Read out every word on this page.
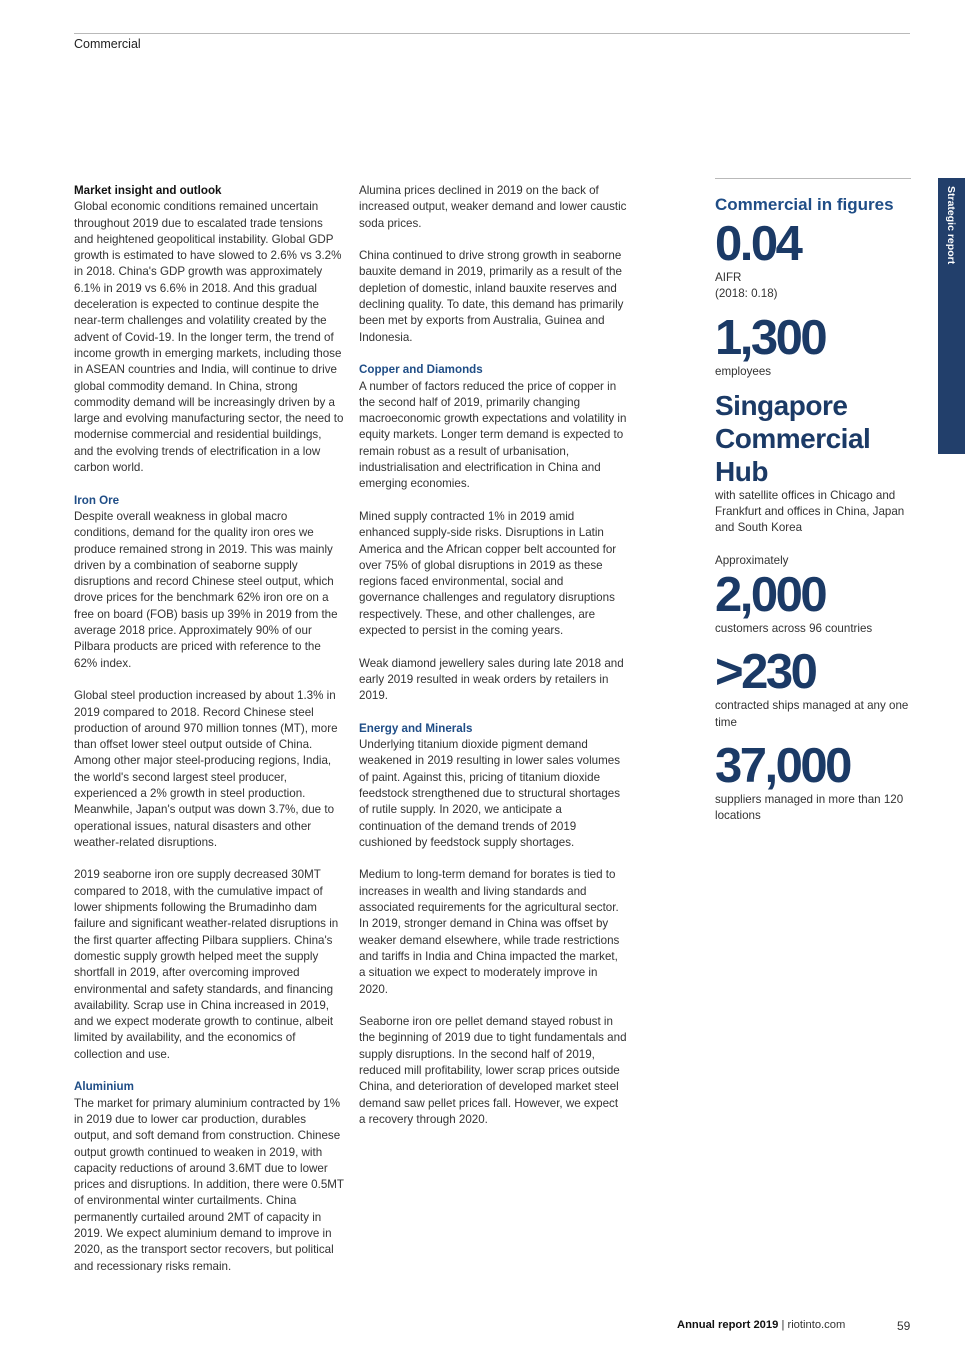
Commercial
Market insight and outlook

Global economic conditions remained uncertain throughout 2019 due to escalated trade tensions and heightened geopolitical instability. Global GDP growth is estimated to have slowed to 2.6% vs 3.2% in 2018. China's GDP growth was approximately 6.1% in 2019 vs 6.6% in 2018. And this gradual deceleration is expected to continue despite the near-term challenges and volatility created by the advent of Covid-19. In the longer term, the trend of income growth in emerging markets, including those in ASEAN countries and India, will continue to drive global commodity demand. In China, strong commodity demand will be increasingly driven by a large and evolving manufacturing sector, the need to modernise commercial and residential buildings, and the evolving trends of electrification in a low carbon world.

Iron Ore

Despite overall weakness in global macro conditions, demand for the quality iron ores we produce remained strong in 2019. This was mainly driven by a combination of seaborne supply disruptions and record Chinese steel output, which drove prices for the benchmark 62% iron ore on a free on board (FOB) basis up 39% in 2019 from the average 2018 price. Approximately 90% of our Pilbara products are priced with reference to the 62% index.

Global steel production increased by about 1.3% in 2019 compared to 2018. Record Chinese steel production of around 970 million tonnes (MT), more than offset lower steel output outside of China. Among other major steel-producing regions, India, the world's second largest steel producer, experienced a 2% growth in steel production. Meanwhile, Japan's output was down 3.7%, due to operational issues, natural disasters and other weather-related disruptions.

2019 seaborne iron ore supply decreased 30MT compared to 2018, with the cumulative impact of lower shipments following the Brumadinho dam failure and significant weather-related disruptions in the first quarter affecting Pilbara suppliers. China's domestic supply growth helped meet the supply shortfall in 2019, after overcoming improved environmental and safety standards, and financing availability. Scrap use in China increased in 2019, and we expect moderate growth to continue, albeit limited by availability, and the economics of collection and use.

Aluminium

The market for primary aluminium contracted by 1% in 2019 due to lower car production, durables output, and soft demand from construction. Chinese output growth continued to weaken in 2019, with capacity reductions of around 3.6MT due to lower prices and disruptions. In addition, there were 0.5MT of environmental winter curtailments. China permanently curtailed around 2MT of capacity in 2019. We expect aluminium demand to improve in 2020, as the transport sector recovers, but political and recessionary risks remain.

Alumina prices declined in 2019 on the back of increased output, weaker demand and lower caustic soda prices.

China continued to drive strong growth in seaborne bauxite demand in 2019, primarily as a result of the depletion of domestic, inland bauxite reserves and declining quality. To date, this demand has primarily been met by exports from Australia, Guinea and Indonesia.

Copper and Diamonds

A number of factors reduced the price of copper in the second half of 2019, primarily changing macroeconomic growth expectations and volatility in equity markets. Longer term demand is expected to remain robust as a result of urbanisation, industrialisation and electrification in China and emerging economies.

Mined supply contracted 1% in 2019 amid enhanced supply-side risks. Disruptions in Latin America and the African copper belt accounted for over 75% of global disruptions in 2019 as these regions faced environmental, social and governance challenges and regulatory disruptions respectively. These, and other challenges, are expected to persist in the coming years.

Weak diamond jewellery sales during late 2018 and early 2019 resulted in weak orders by retailers in 2019.

Energy and Minerals

Underlying titanium dioxide pigment demand weakened in 2019 resulting in lower sales volumes of paint. Against this, pricing of titanium dioxide feedstock strengthened due to structural shortages of rutile supply. In 2020, we anticipate a continuation of the demand trends of 2019 cushioned by feedstock supply shortages.

Medium to long-term demand for borates is tied to increases in wealth and living standards and associated requirements for the agricultural sector. In 2019, stronger demand in China was offset by weaker demand elsewhere, while trade restrictions and tariffs in India and China impacted the market, a situation we expect to moderately improve in 2020.

Seaborne iron ore pellet demand stayed robust in the beginning of 2019 due to tight fundamentals and supply disruptions. In the second half of 2019, reduced mill profitability, lower scrap prices outside China, and deterioration of developed market steel demand saw pellet prices fall. However, we expect a recovery through 2020.

Commercial in figures
0.04
AIFR
(2018: 0.18)
1,300
employees
Singapore
Commercial
Hub
with satellite offices in Chicago and Frankfurt and offices in China, Japan and South Korea
Approximately
2,000
customers across 96 countries
>230
contracted ships managed at any one time
37,000
suppliers managed in more than 120 locations
Strategic report
Annual report 2019 | riotinto.com	59
